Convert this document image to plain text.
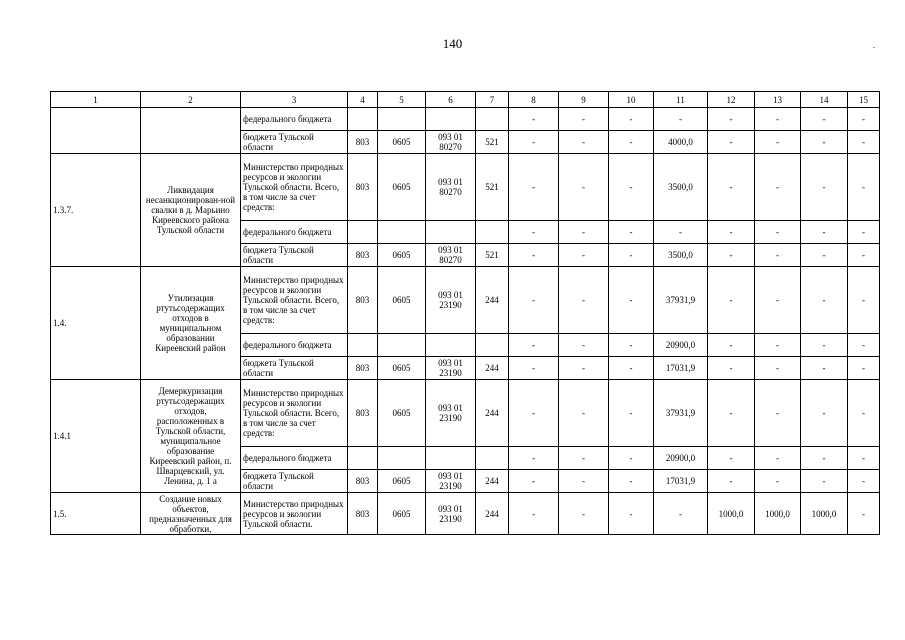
140
1	2	3	4	5	6	7	8	9	10	11	12	13	14	15
		федерального бюджета					-	-	-	-	-	-	-	-
		бюджета Тульской области	803	0605	093 01 80270	521	-	-	-	4000,0	-	-	-	-
1.3.7.	Ликвидация несанкционирован-ной свалки в д. Марьино Киреевского района Тульской области	Министерство природных ресурсов и экологии Тульской области. Всего, в том числе за счет средств:	803	0605	093 01 80270	521	-	-	-	3500,0	-	-	-	-
		федерального бюджета					-	-	-	-	-	-	-	-
		бюджета Тульской области	803	0605	093 01 80270	521	-	-	-	3500,0	-	-	-	-
1.4.	Утилизация ртутьсодержащих отходов в муниципальном образовании Киреевский район	Министерство природных ресурсов и экологии Тульской области. Всего, в том числе за счет средств:	803	0605	093 01 23190	244	-	-	-	37931,9	-	-	-	-
		федерального бюджета					-	-	-	20900,0	-	-	-	-
		бюджета Тульской области	803	0605	093 01 23190	244	-	-	-	17031,9	-	-	-	-
1.4.1	Демеркуризация ртутьсодержащих отходов, расположенных в Тульской области, муниципальное образование Киреевский район, п. Шварцевский, ул. Ленина, д. 1 а	Министерство природных ресурсов и экологии Тульской области. Всего, в том числе за счет средств:	803	0605	093 01 23190	244	-	-	-	37931,9	-	-	-	-
		федерального бюджета					-	-	-	20900,0	-	-	-	-
		бюджета Тульской области	803	0605	093 01 23190	244	-	-	-	17031,9	-	-	-	-
1.5.	Создание новых объектов, предназначенных для обработки,	Министерство природных ресурсов и экологии Тульской области.	803	0605	093 01 23190	244	-	-	-	-	1000,0	1000,0	1000,0	-
